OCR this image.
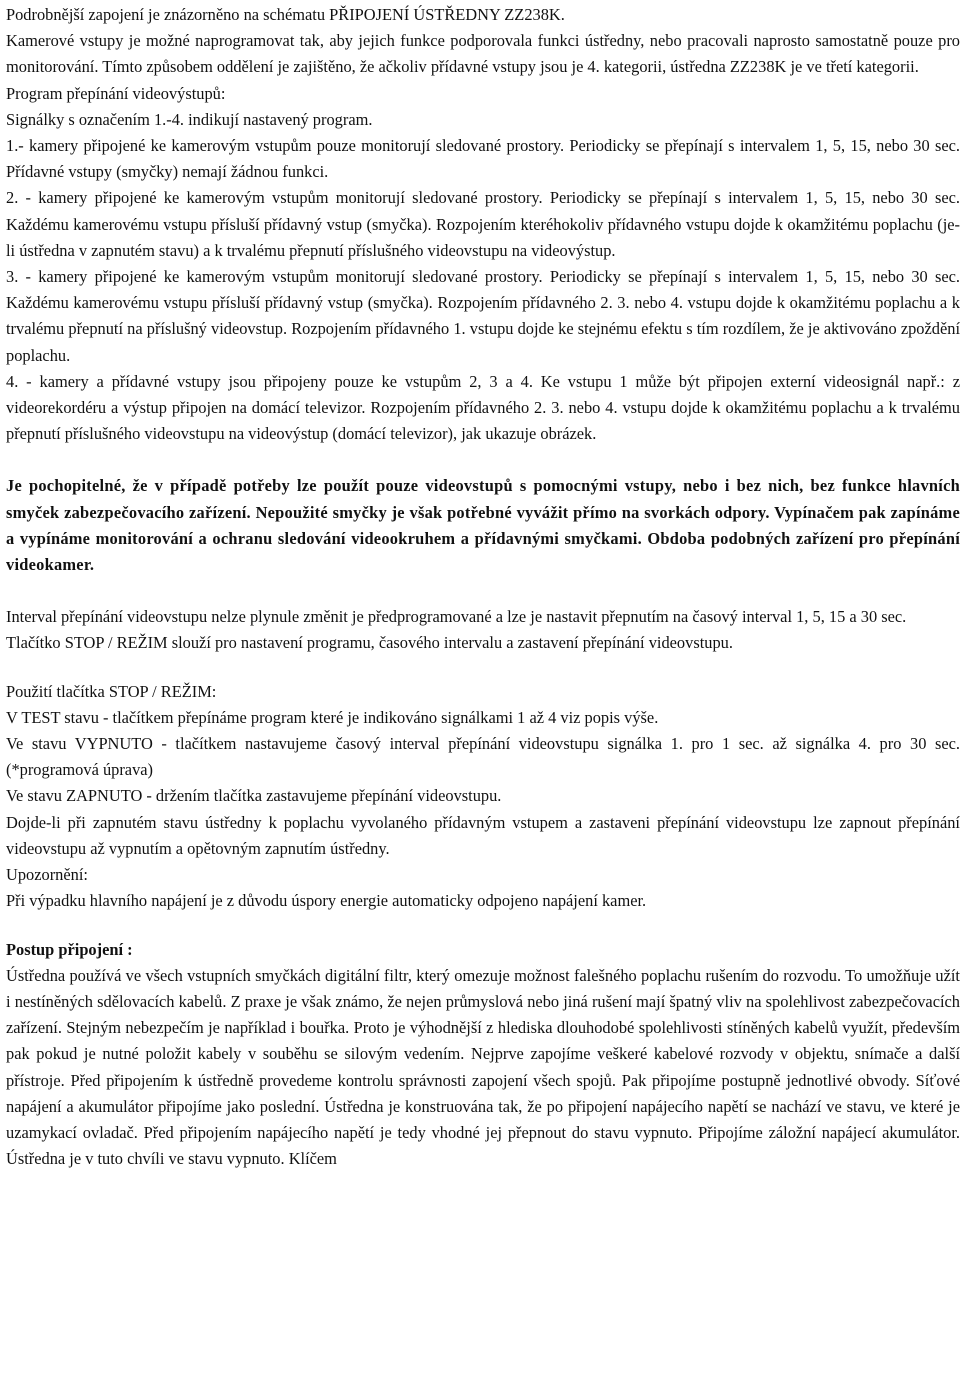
Podrobnější zapojení je znázorněno na schématu PŘIPOJENÍ ÚSTŘEDNY ZZ238K.

Kamerové vstupy je možné naprogramovat tak, aby jejich funkce podporovala funkci ústředny, nebo pracovali naprosto samostatně pouze pro monitorování. Tímto způsobem oddělení je zajištěno, že ačkoliv přídavné vstupy jsou je 4. kategorii, ústředna ZZ238K je ve třetí kategorii.

Program přepínání videovýstupů:

Signálky s označením 1.-4. indikují nastavený program.

1.- kamery připojené ke kamerovým vstupům pouze monitorují sledované prostory. Periodicky se přepínají s intervalem 1, 5, 15, nebo 30 sec. Přídavné vstupy (smyčky) nemají žádnou funkci.

2. - kamery připojené ke kamerovým vstupům monitorují sledované prostory. Periodicky se přepínají s intervalem 1, 5, 15, nebo 30 sec. Každému kamerovému vstupu přísluší přídavný vstup (smyčka). Rozpojením kteréhokoliv přídavného vstupu dojde k okamžitému poplachu (je-li ústředna v zapnutém stavu) a k trvalému přepnutí příslušného videovstupu na videovýstup.

3. - kamery připojené ke kamerovým vstupům monitorují sledované prostory. Periodicky se přepínají s intervalem 1, 5, 15, nebo 30 sec. Každému kamerovému vstupu přísluší přídavný vstup (smyčka). Rozpojením přídavného 2. 3. nebo 4. vstupu dojde k okamžitému poplachu a k trvalému přepnutí na příslušný videovstup. Rozpojením přídavného 1. vstupu dojde ke stejnému efektu s tím rozdílem, že je aktivováno zpoždění poplachu.

4. - kamery a přídavné vstupy jsou připojeny pouze ke vstupům 2, 3 a 4. Ke vstupu 1 může být připojen externí videosignál např.: z videorekordéru a výstup připojen na domácí televizor. Rozpojením přídavného 2. 3. nebo 4. vstupu dojde k okamžitému poplachu a k trvalému přepnutí příslušného videovstupu na videovýstup (domácí televizor), jak ukazuje obrázek.

Je pochopitelné, že v případě potřeby lze použít pouze videovstupů s pomocnými vstupy, nebo i bez nich, bez funkce hlavních smyček zabezpečovacího zařízení. Nepoužité smyčky je však potřebné vyvážit přímo na svorkách odpory. Vypínačem pak zapínáme a vypínáme monitorování a ochranu sledování videookruhem a přídavnými smyčkami. Obdoba podobných zařízení pro přepínání videokamer.

Interval přepínání videovstupu nelze plynule změnit je předprogramované a lze je nastavit přepnutím na časový interval 1, 5, 15 a 30 sec.

Tlačítko STOP / REŽIM slouží pro nastavení programu, časového intervalu a zastavení přepínání videovstupu.

Použití tlačítka STOP / REŽIM:

V TEST stavu - tlačítkem přepínáme program které je indikováno signálkami 1 až 4 viz popis výše.

Ve stavu VYPNUTO - tlačítkem nastavujeme časový interval přepínání videovstupu signálka 1. pro 1 sec. až signálka 4. pro 30 sec. (*programová úprava)

Ve stavu ZAPNUTO - držením tlačítka zastavujeme přepínání videovstupu.

Dojde-li při zapnutém stavu ústředny k poplachu vyvolaného přídavným vstupem a zastaveni přepínání videovstupu lze zapnout přepínání videovstupu až vypnutím a opětovným zapnutím ústředny.

Upozornění:

Při výpadku hlavního napájení je z důvodu úspory energie automaticky odpojeno napájení kamer.

Postup připojení :

Ústředna používá ve všech vstupních smyčkách digitální filtr, který omezuje možnost falešného poplachu rušením do rozvodu. To umožňuje užít i nestíněných sdělovacích kabelů. Z praxe je však známo, že nejen průmyslová nebo jiná rušení mají špatný vliv na spolehlivost zabezpečovacích zařízení. Stejným nebezpečím je například i bouřka. Proto je výhodnější z hlediska dlouhodobé spolehlivosti stíněných kabelů využít, především pak pokud je nutné položit kabely v souběhu se silovým vedením. Nejprve zapojíme veškeré kabelové rozvody v objektu, snímače a další přístroje. Před připojením k ústředně provedeme kontrolu správnosti zapojení všech spojů. Pak připojíme postupně jednotlivé obvody. Síťové napájení a akumulátor připojíme jako poslední. Ústředna je konstruována tak, že po připojení napájecího napětí se nachází ve stavu, ve které je uzamykací ovladač. Před připojením napájecího napětí je tedy vhodné jej přepnout do stavu vypnuto. Připojíme záložní napájecí akumulátor. Ústředna je v tuto chvíli ve stavu vypnuto. Klíčem
